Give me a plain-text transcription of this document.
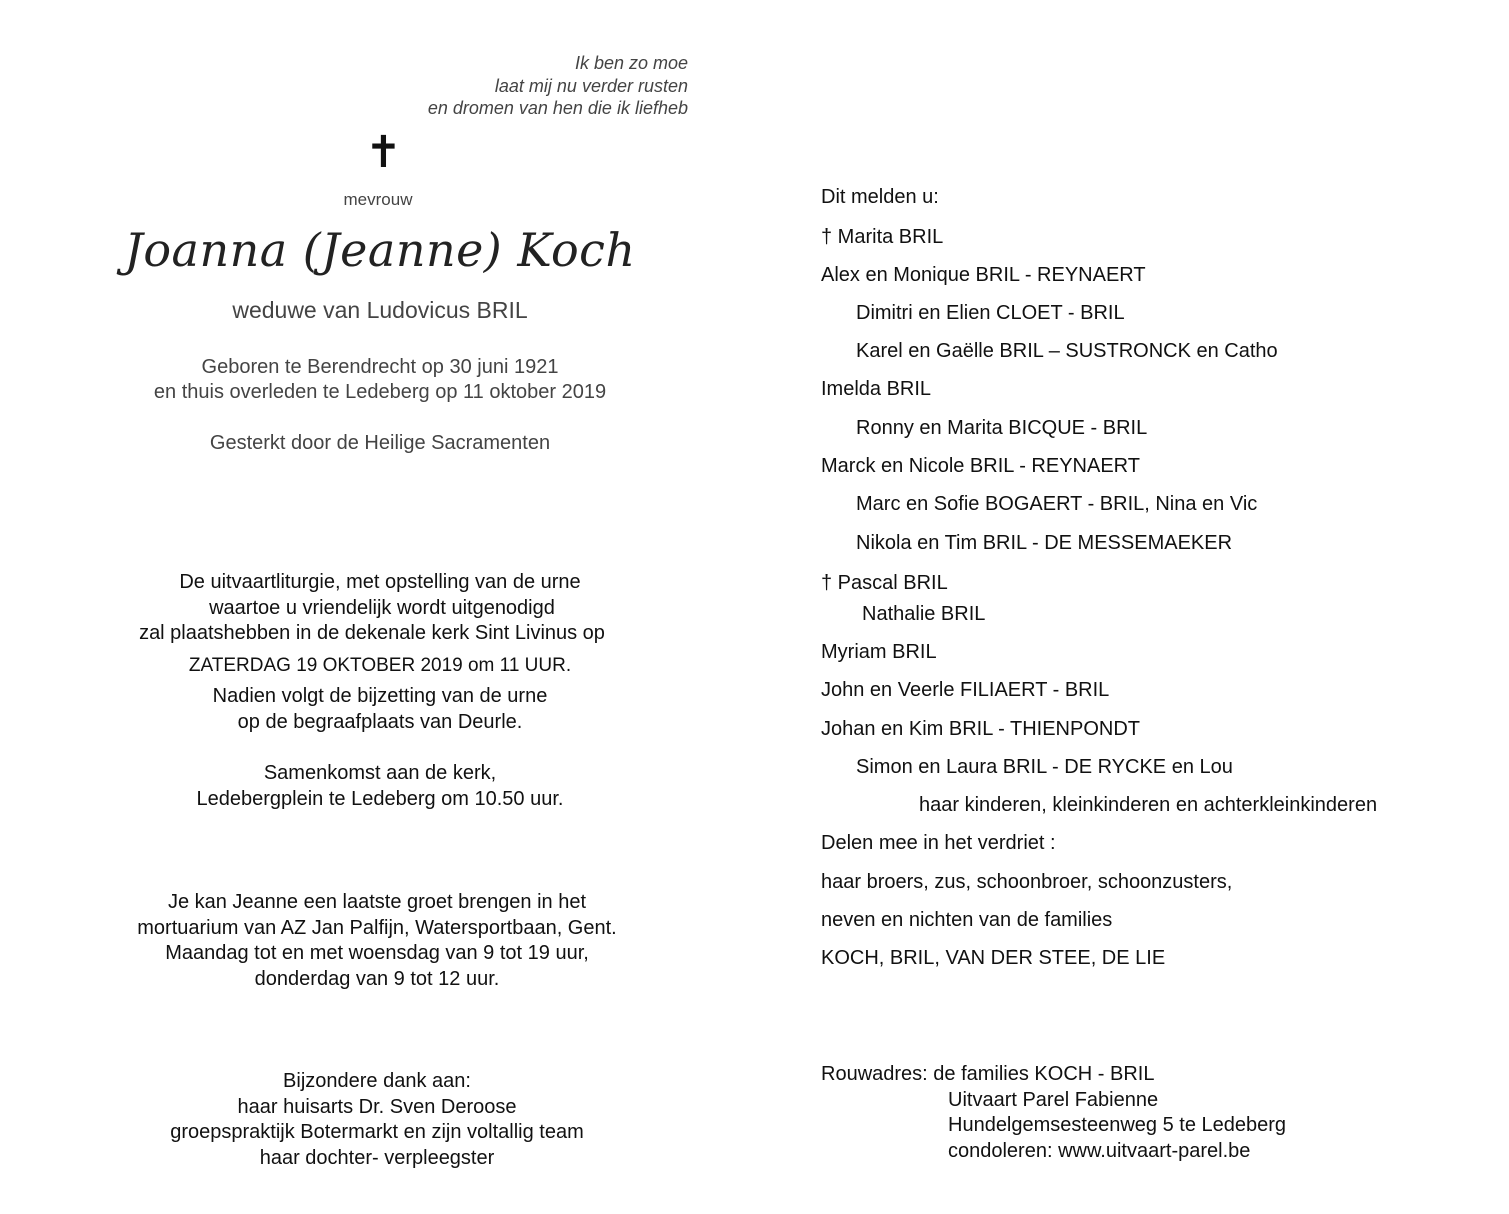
Ik ben zo moe
laat mij nu verder rusten
en dromen van hen die ik liefheb
✝
mevrouw
Joanna (Jeanne) Koch
weduwe van Ludovicus BRIL
Geboren te Berendrecht op 30 juni 1921
en thuis overleden te Ledeberg op 11 oktober 2019
Gesterkt door de Heilige Sacramenten
De uitvaartliturgie, met opstelling van de urne
waartoe u vriendelijk wordt uitgenodigd
zal plaatshebben in de dekenale kerk Sint Livinus op
ZATERDAG 19 OKTOBER 2019 om 11 UUR.
Nadien volgt de bijzetting van de urne
op de begraafplaats van Deurle.
Samenkomst aan de kerk,
Ledebergplein te Ledeberg om 10.50 uur.
Je kan Jeanne een laatste groet brengen in het
mortuarium van AZ Jan Palfijn, Watersportbaan, Gent.
Maandag tot en met woensdag van 9 tot 19 uur,
donderdag van 9 tot 12 uur.
Bijzondere dank aan:
haar huisarts Dr. Sven Deroose
groepspraktijk Botermarkt en zijn voltallig team
haar dochter- verpleegster
Dit melden u:
† Marita BRIL
Alex en Monique BRIL - REYNAERT
Dimitri en Elien CLOET - BRIL
Karel en Gaëlle BRIL – SUSTRONCK en Catho
Imelda BRIL
Ronny en Marita BICQUE - BRIL
Marck en Nicole BRIL - REYNAERT
Marc en Sofie BOGAERT - BRIL, Nina en Vic
Nikola en Tim BRIL - DE MESSEMAEKER
† Pascal BRIL
Nathalie BRIL
Myriam BRIL
John en Veerle FILIAERT - BRIL
Johan en Kim BRIL - THIENPONDT
Simon en Laura BRIL - DE RYCKE en Lou
haar kinderen, kleinkinderen en achterkleinkinderen
Delen mee in het verdriet :
haar broers, zus, schoonbroer, schoonzusters,
neven en nichten van de families
KOCH, BRIL, VAN DER STEE, DE LIE
Rouwadres: de families KOCH - BRIL
Uitvaart Parel Fabienne
Hundelgemsesteenweg 5 te Ledeberg
condoleren: www.uitvaart-parel.be
